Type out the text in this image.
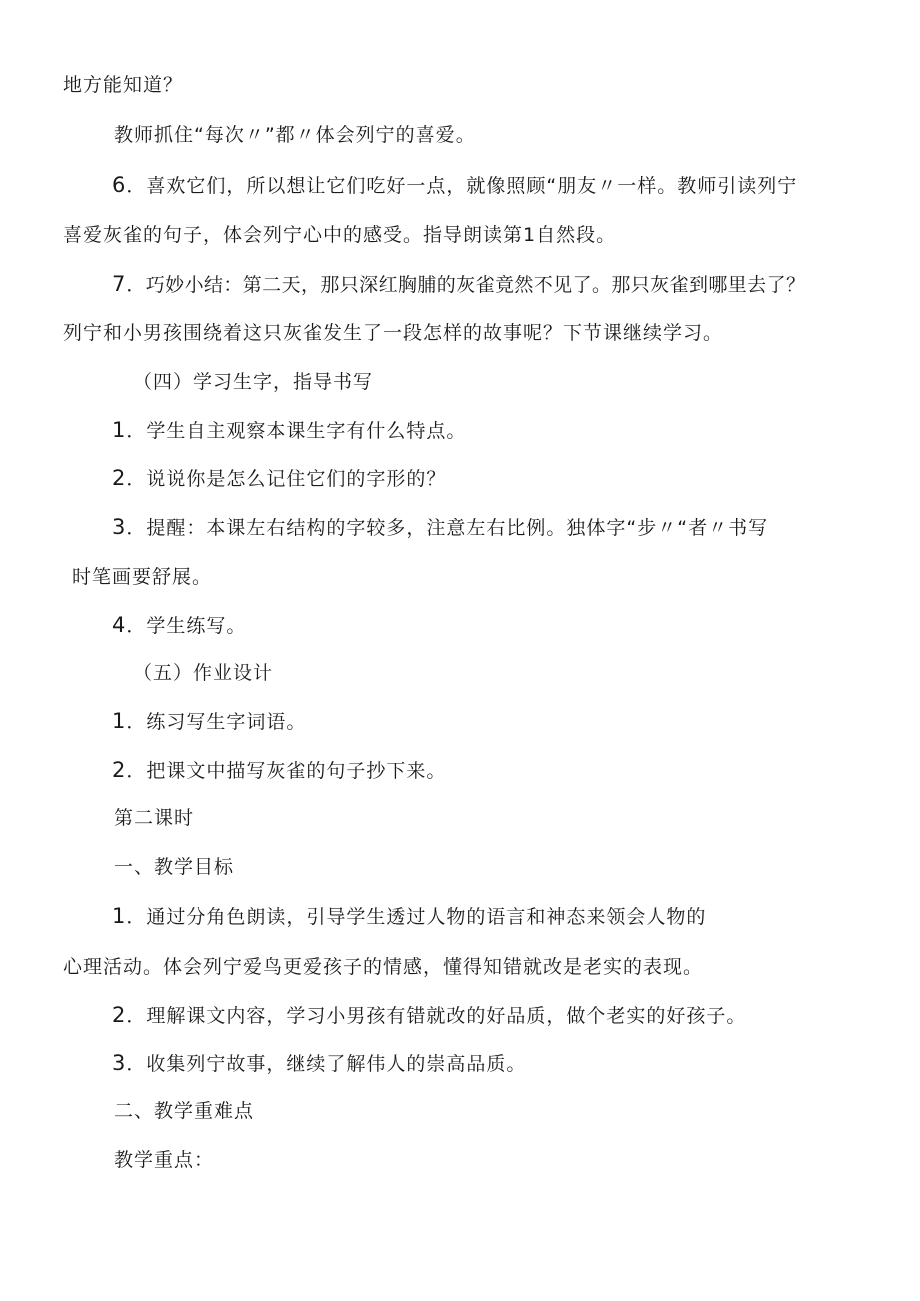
地方能知道？
教师抓住“每次〃”都〃体会列宁的喜爱。
6．喜欢它们，所以想让它们吃好一点，就像照顾“朋友〃一样。教师引读列宁
喜爱灰雀的句子，体会列宁心中的感受。指导朗读第1自然段。
7．巧妙小结：第二天，那只深红胸脯的灰雀竟然不见了。那只灰雀到哪里去了？
列宁和小男孩围绕着这只灰雀发生了一段怎样的故事呢？下节课继续学习。
（四）学习生字，指导书写
1．学生自主观察本课生字有什么特点。
2．说说你是怎么记住它们的字形的？
3．提醒：本课左右结构的字较多，注意左右比例。独体字“步〃“者〃书写
时笔画要舒展。
4．学生练写。
（五）作业设计
1．练习写生字词语。
2．把课文中描写灰雀的句子抄下来。
第二课时
一、教学目标
1．通过分角色朗读，引导学生透过人物的语言和神态来领会人物的
心理活动。体会列宁爱鸟更爱孩子的情感，懂得知错就改是老实的表现。
2．理解课文内容，学习小男孩有错就改的好品质，做个老实的好孩子。
3．收集列宁故事，继续了解伟人的崇高品质。
二、教学重难点
教学重点：
